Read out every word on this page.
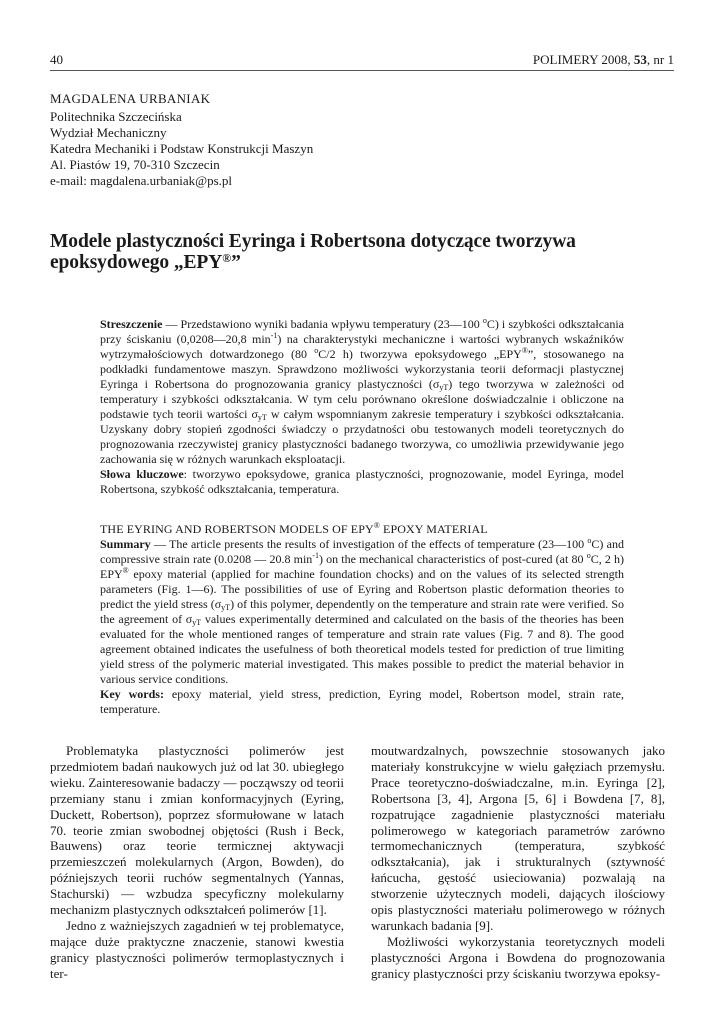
40	POLIMERY 2008, 53, nr 1
MAGDALENA URBANIAK
Politechnika Szczecińska
Wydział Mechaniczny
Katedra Mechaniki i Podstaw Konstrukcji Maszyn
Al. Piastów 19, 70-310 Szczecin
e-mail: magdalena.urbaniak@ps.pl
Modele plastyczności Eyringa i Robertsona dotyczące tworzywa
epoksydowego „EPY®”

Streszczenie — Przedstawiono wyniki badania wpływu temperatury (23—100 $^o$C) i szybkości odkształcania przy ściskaniu (0,0208—20,8 $\min^{-1}$) na charakterystyki mechaniczne i wartości wybranych wskaźników wytrzymałościowych dotwardzonego (80 $^o$C/2 h) tworzywa epoksydowego „EPY®”, stosowanego na podkładki fundamentowe maszyn. Sprawdzono możliwości wykorzystania teorii deformacji plastycznej Eyringa i Robertsona do prognozowania granicy plastyczności $(\sigma_{yT})$ tego tworzywa w zależności od temperatury i szybkości odkształcania. W tym celu porównano określone doświadczalnie i obliczone na podstawie tych teorii wartości $\sigma_{yT}$ w całym wspomnianym zakresie temperatury i szybkości odkształcania. Uzyskany dobry stopień zgodności świadczy o przydatności obu testowanych modeli teoretycznych do prognozowania rzeczywistej granicy plastyczności badanego tworzywa, co umożliwia przewidywanie jego zachowania się w różnych warunkach eksploatacji.

Słowa kluczowe: tworzywo epoksydowe, granica plastyczności, prognozowanie, model Eyringa, model Robertsona, szybkość odkształcania, temperatura.

THE EYRING AND ROBERTSON MODELS OF EPY® EPOXY MATERIAL

Summary — The article presents the results of investigation of the effects of temperature (23—100 $^o$C) and compressive strain rate (0.0208 — 20.8 $\min^{-1}$) on the mechanical characteristics of post-cured (at 80 $^o$C, 2 h) EPY® epoxy material (applied for machine foundation chocks) and on the values of its selected strength parameters (Fig. 1—6). The possibilities of use of Eyring and Robertson plastic deformation theories to predict the yield stress $(\sigma_{yT})$ of this polymer, dependently on the temperature and strain rate were verified. So the agreement of $\sigma_{yT}$ values experimentally determined and calculated on the basis of the theories has been evaluated for the whole mentioned ranges of temperature and strain rate values (Fig. 7 and 8). The good agreement obtained indicates the usefulness of both theoretical models tested for prediction of true limiting yield stress of the polymeric material investigated. This makes possible to predict the material behavior in various service conditions.

Key words: epoxy material, yield stress, prediction, Eyring model, Robertson model, strain rate, temperature.

Problematyka plastyczności polimerów jest przedmiotem badań naukowych już od lat 30. ubiegłego wieku. Zainteresowanie badaczy — począwszy od teorii przemiany stanu i zmian konformacyjnych (Eyring, Duckett, Robertson), poprzez sformułowane w latach 70. teorie zmian swobodnej objętości (Rush i Beck, Bauwens) oraz teorie termicznej aktywacji przemieszczeń molekularnych (Argon, Bowden), do późniejszych teorii ruchów segmentalnych (Yannas, Stachurski) — wzbudza specyficzny molekularny mechanizm plastycznych odkształceń polimerów [1].

Jedno z ważniejszych zagadnień w tej problematyce, mające duże praktyczne znaczenie, stanowi kwestia granicy plastyczności polimerów termoplastycznych i ter-

moutwardzalnych, powszechnie stosowanych jako materiały konstrukcyjne w wielu gałęziach przemysłu. Prace teoretyczno-doświadczalne, m.in. Eyringa [2], Robertsona [3, 4], Argona [5, 6] i Bowdena [7, 8], rozpatrujące zagadnienie plastyczności materiału polimerowego w kategoriach parametrów zarówno termomechanicznych (temperatura, szybkość odkształcania), jak i strukturalnych (sztywność łańcucha, gęstość usieciowania) pozwalają na stworzenie użytecznych modeli, dających ilościowy opis plastyczności materiału polimerowego w różnych warunkach badania [9].

Możliwości wykorzystania teoretycznych modeli plastyczności Argona i Bowdena do prognozowania granicy plastyczności przy ściskaniu tworzywa epoksy-
